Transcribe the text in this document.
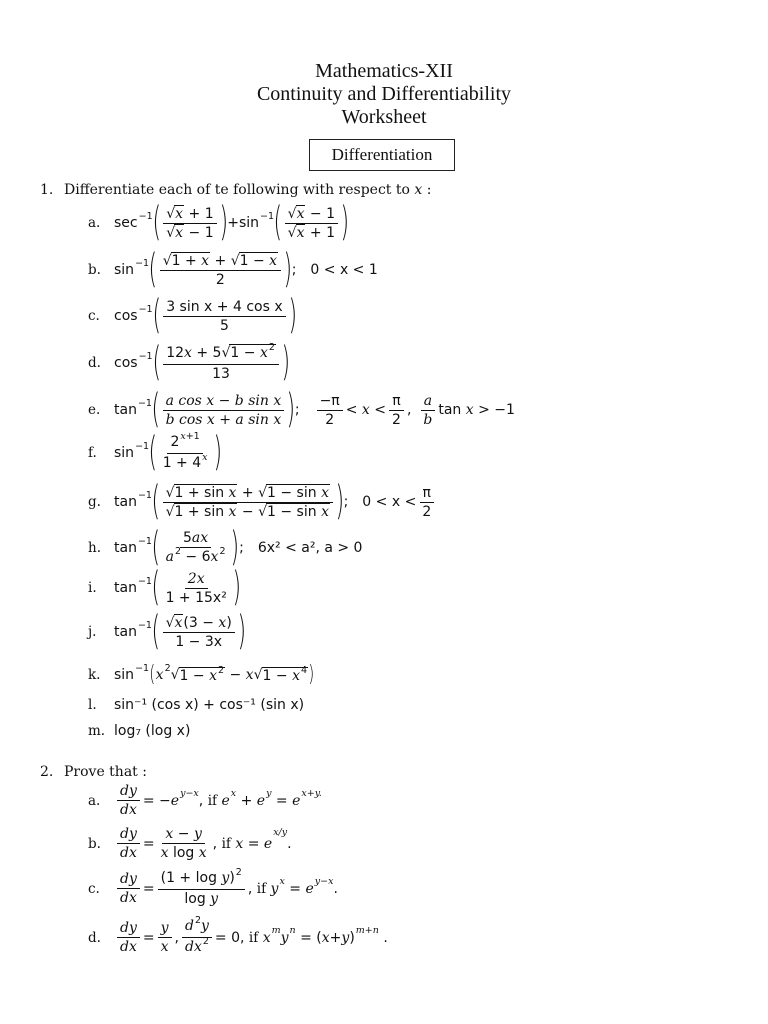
Mathematics-XII
Continuity and Differentiability
Worksheet
Differentiation
1. Differentiate each of te following with respect to x :
a. sec −1 ( $\frac{√x + 1}{√x - 1}$ ) + sin −1 ( $\frac{√x - 1}{√x + 1}$ )
b. sin −1 ( $\frac{√1 + x + √1 - x}{2}$ ) ; 0 < x < 1
c.	cos −1 ( $\frac{\text{3 sin x + 4 cos x}}{5}$ )
d. cos −1 ( $\frac{12x + 5√1 - x^2}{13}$ )
e. tan −1 ( $\frac{\text{a cos x − b sin x}}{\text{b cos x + a sin x}}$ ) ; $\frac{-\pi}{2} < x < \frac{\pi}{2}$ , $\frac{a}{b}$ tan x > −1
f.	sin −1 ( $\frac{2^{x+1}}{1 + 4^x}$ )
g. tan −1 ( $\frac{\text{√1 + sin x + √1 − sin x}}{\text{√1 + sin x − √1 − sin x}}$ ) ; $0 < x < \frac{\pi}{2}$
h. tan −1 ( $\frac{5ax}{a^2 - 6x^2}$ ) ; 6x² < a², a > 0
i.	tan −1 ( $\frac{2x}{\text{1 + 15x²}}$ )
j.	tan −1 ( $\frac{√x(3 - x)}{1 - 3x}$ )
k. sin −1 ( x 2 √ $1 - x^2 - x$ √ $1 - x^4$ )
l.	sin⁻¹ (cos x) + cos⁻¹ (sin x)
m. log₇ (log x)
2. Prove that :
a.	$\frac{dy}{dx}$ = − e y−x , if
e x + e y = e x+y.
b.	$\frac{dy}{dx} = \frac{x - y}{\text{x log x}}$ , if
x = e
x/y
.
c.	$\frac{dy}{dx} = \frac{(1 + \log y)^2}{\text{log y}}$ , if
y x = e y−x .
d.	$\frac{dy}{dx} = \frac{y}{x}$ , $\frac{d^2y}{dx^2} = 0$, if
x m y n = ( x + y ) m+n .
